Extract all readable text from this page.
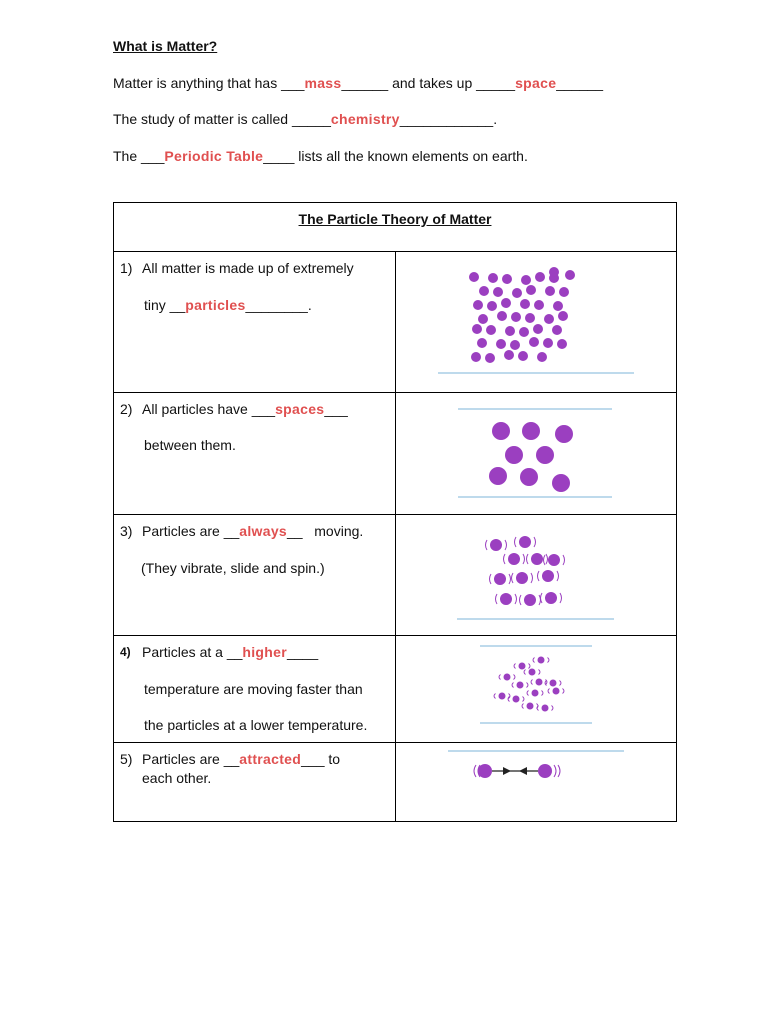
What is Matter?
Matter is anything that has ___mass______ and takes up _____space______
The study of matter is called _____chemistry____________.
The ___Periodic Table____ lists all the known elements on earth.
The Particle Theory of Matter	

1) All matter is made up of extremely
tiny __particles________.

2) All particles have ___spaces___
between them.

3) Particles are __always__   moving.
(They vibrate, slide and spin.)

4) Particles at a __higher____
temperature are moving faster than
the particles at a lower temperature.

5) Particles are __attracted___ to
each other.
